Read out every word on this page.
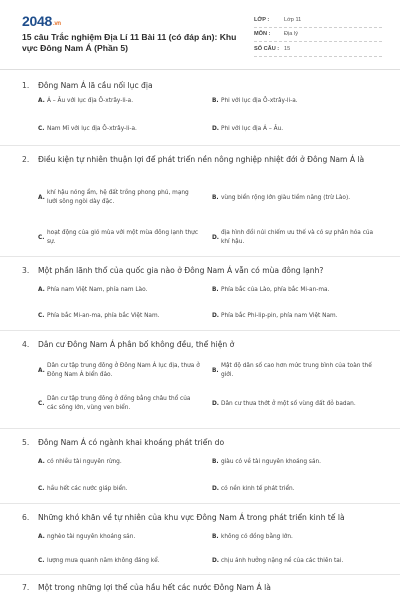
2048.vn
15 câu Trắc nghiệm Địa Lí 11 Bài 11 (có đáp án): Khu vực Đông Nam Á (Phần 5)
LỚP :	Lớp 11
MÔN :	Địa lý
SỐ CÂU : 15
1.	Đông Nam Á lã cầu nối lục địa
A. Á – Âu với lục địa Ô-xtrây-li-a.	B. Phi với lục địa Ô-xtrây-li-a.
C. Nam Mĩ với lục địa Ô-xtrây-li-a.	D. Phi với lục địa Á – Âu.
2.	Điều kiện tự nhiên thuận lợi để phát triển nền nông nghiệp nhiệt đới ở Đông Nam Á là
A.
khí hậu nóng ẩm, hệ đất trồng phong phú, mạng lưới sông ngòi dày đặc.
B. vùng biển rộng lớn giàu tiềm năng (trừ Lào).
C.
hoạt động của gió mùa với một mùa đông lạnh thực sự.
D.
địa hình đồi núi chiếm ưu thế và có sự phân hóa của khí hậu.
3.	Một phần lãnh thổ của quốc gia nào ở Đông Nam Á vẫn có mùa đông lạnh?
A. Phía nam Việt Nam, phía nam Lào.	B. Phía bắc của Lào, phía bắc Mi-an-ma.
C. Phía bắc Mi-an-ma, phía bắc Việt Nam.	D. Phía bắc Phi-lip-pin, phía nam Việt Nam.
4.	Dân cư Đông Nam Á phân bố không đều, thể hiện ở
A.
Dân cư tập trung đông ở Đông Nam Á lục địa, thưa ở Đông Nam Á biển đảo.
B.
Mật độ dân số cao hơn mức trung bình của toàn thế giới.
C.
Dân cư tập trung đông ở đồng bằng châu thổ của các sông lớn, vùng ven biển.
D. Dân cư thưa thớt ở một số vùng đất đỏ badan.
5.	Đông Nam Á có ngành khai khoáng phát triển do
A. có nhiều tài nguyên rừng.	B. giàu có về tài nguyên khoáng sản.
C. hầu hết các nước giáp biển.	D. có nền kinh tế phát triển.
6.	Những khó khăn về tự nhiên của khu vực Đông Nam Á trong phát triển kinh tế là
A. nghèo tài nguyên khoáng sản.	B. không có đồng bằng lớn.
C. lượng mưa quanh năm không đáng kể.	D. chịu ảnh hưởng nặng nề của các thiên tai.
7.	Một trong những lợi thế của hầu hết các nước Đông Nam Á là
